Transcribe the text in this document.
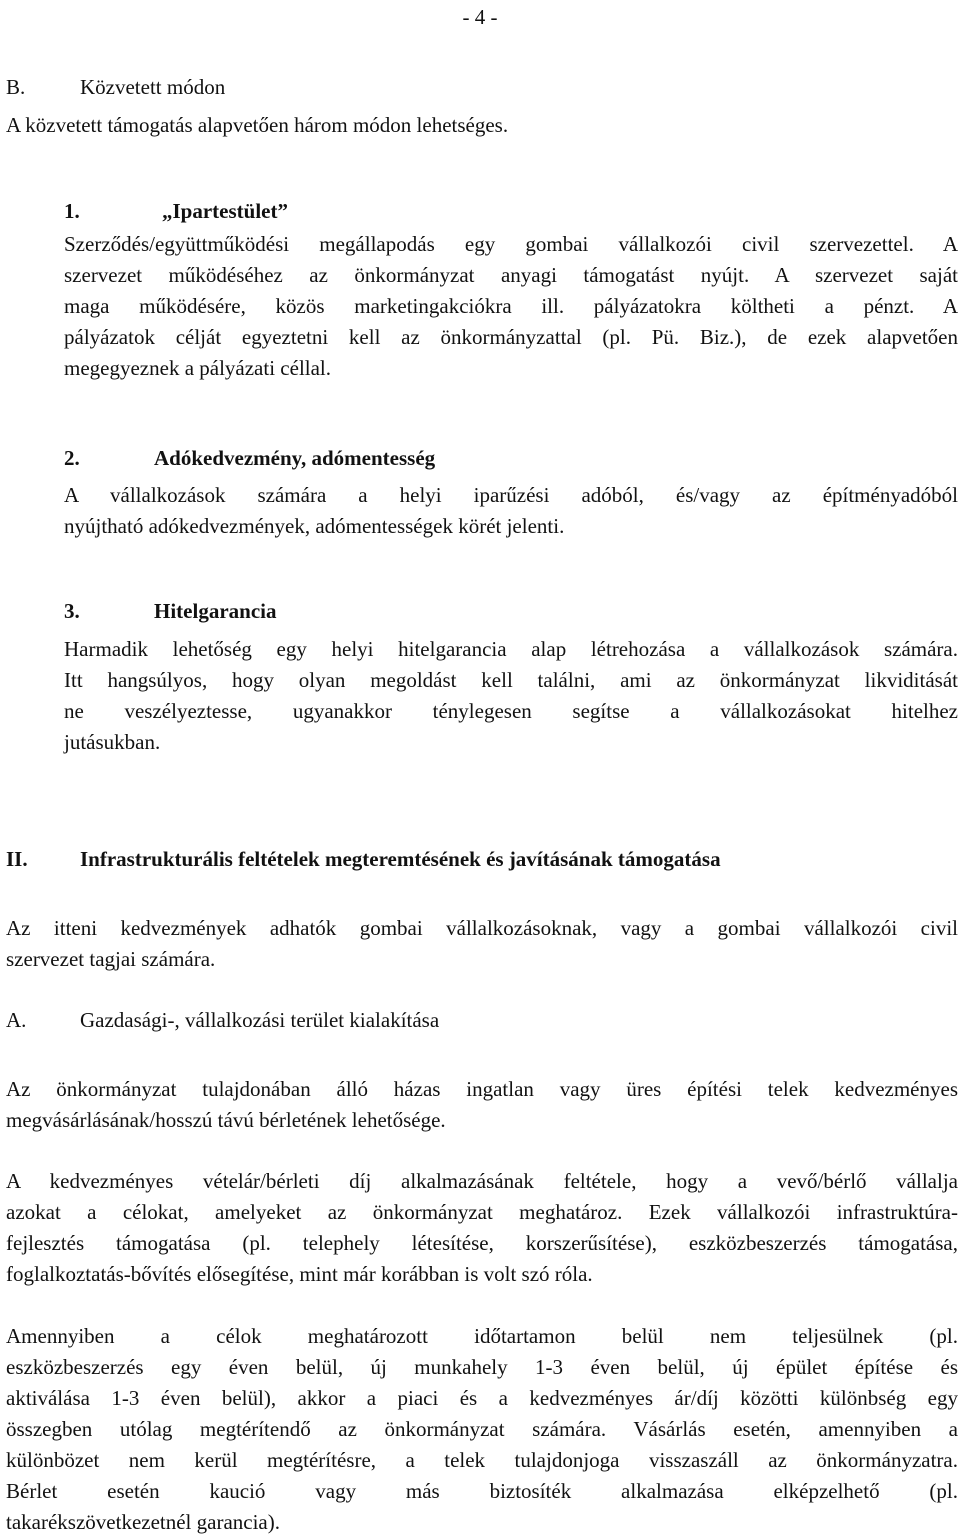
- 4 -
B.	Közvetett módon
A közvetett támogatás alapvetően három módon lehetséges.
1.	„Ipartestület”

Szerződés/együttműködési megállapodás egy gombai vállalkozói civil szervezettel. A

szervezet működéséhez az önkormányzat anyagi támogatást nyújt. A szervezet saját

maga működésére, közös marketingakciókra ill. pályázatokra költheti a pénzt. A

pályázatok célját egyeztetni kell az önkormányzattal (pl. Pü. Biz.), de ezek alapvetően

megegyeznek a pályázati céllal.

2.	Adókedvezmény, adómentesség

A vállalkozások számára a helyi iparűzési adóból, és/vagy az építményadóból

nyújtható adókedvezmények, adómentességek körét jelenti.

3.	Hitelgarancia

Harmadik lehetőség egy helyi hitelgarancia alap létrehozása a vállalkozások számára.

Itt hangsúlyos, hogy olyan megoldást kell találni, ami az önkormányzat likviditását

ne veszélyeztesse, ugyanakkor ténylegesen segítse a vállalkozásokat hitelhez

jutásukban.

II. Infrastrukturális feltételek megteremtésének és javításának támogatása

Az itteni kedvezmények adhatók gombai vállalkozásoknak, vagy a gombai vállalkozói civil

szervezet tagjai számára.

A.	Gazdasági-, vállalkozási terület kialakítása

Az önkormányzat tulajdonában álló házas ingatlan vagy üres építési telek kedvezményes

megvásárlásának/hosszú távú bérletének lehetősége.

A kedvezményes vételár/bérleti díj alkalmazásának feltétele, hogy a vevő/bérlő vállalja

azokat a célokat, amelyeket az önkormányzat meghatároz. Ezek vállalkozói infrastruktúra-

fejlesztés támogatása (pl. telephely létesítése, korszerűsítése), eszközbeszerzés támogatása,

foglalkoztatás-bővítés elősegítése, mint már korábban is volt szó róla.

Amennyiben a célok meghatározott időtartamon belül nem teljesülnek (pl.

eszközbeszerzés egy éven belül, új munkahely 1-3 éven belül, új épület építése és

aktiválása 1-3 éven belül), akkor a piaci és a kedvezményes ár/díj közötti különbség egy

összegben utólag megtérítendő az önkormányzat számára. Vásárlás esetén, amennyiben a

különbözet nem kerül megtérítésre, a telek tulajdonjoga visszaszáll az önkormányzatra.

Bérlet esetén kaució vagy más biztosíték alkalmazása elképzelhető (pl.

takarékszövetkezetnél garancia).
